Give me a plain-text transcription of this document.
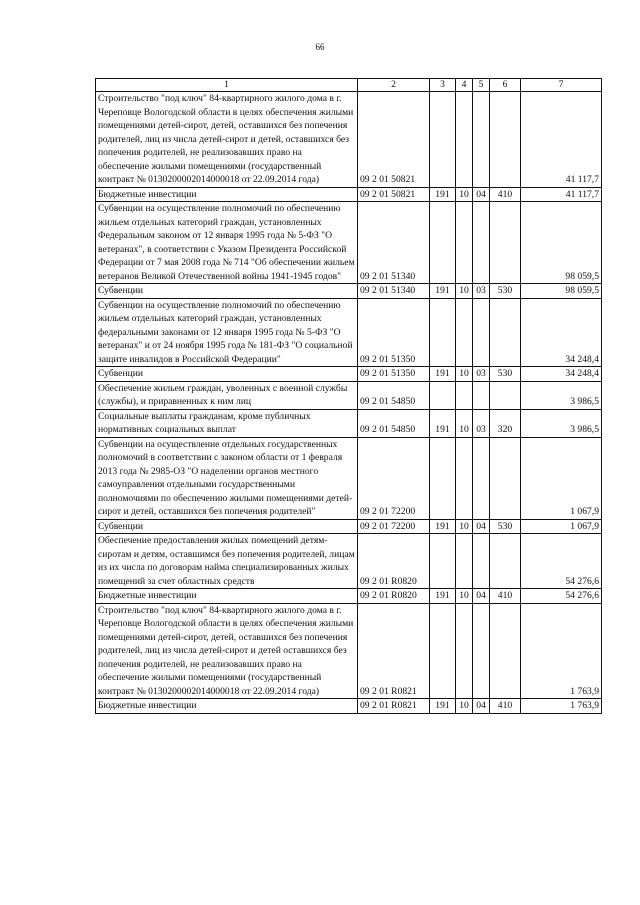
66
1	2	3	4	5	6	7
Строительство "под ключ" 84-квартирного жилого дома в г. Череповце Вологодской области в целях обеспечения жилыми помещениями детей-сирот, детей, оставшихся без попечения родителей, лиц из числа детей-сирот и детей, оставшихся без попечения родителей, не реализовавших право на обеспечение жилыми помещениями (государственный контракт № 0130200002014000018 от 22.09.2014 года)	09 2 01 50821					41 117,7
Бюджетные инвестиции	09 2 01 50821	191	10	04	410	41 117,7
Субвенции на осуществление полномочий по обеспечению жильем отдельных категорий граждан, установленных Федеральным законом от 12 января 1995 года № 5-ФЗ "О ветеранах", в соответствии с Указом Президента Российской Федерации от 7 мая 2008 года № 714 "Об обеспечении жильем ветеранов Великой Отечественной войны 1941-1945 годов"	09 2 01 51340					98 059,5
Субвенции	09 2 01 51340	191	10	03	530	98 059,5
Субвенции на осуществление полномочий по обеспечению жильем отдельных категорий граждан, установленных федеральными законами от 12 января 1995 года № 5-ФЗ "О ветеранах" и от 24 ноября 1995 года № 181-ФЗ "О социальной защите инвалидов в Российской Федерации"	09 2 01 51350					34 248,4
Субвенции	09 2 01 51350	191	10	03	530	34 248,4
Обеспечение жильем граждан, уволенных с военной службы (службы), и приравненных к ним лиц	09 2 01 54850					3 986,5
Социальные выплаты гражданам, кроме публичных нормативных социальных выплат	09 2 01 54850	191	10	03	320	3 986,5
Субвенции на осуществление отдельных государственных полномочий в соответствии с законом области от 1 февраля 2013 года № 2985-ОЗ "О наделении органов местного самоуправления отдельными государственными полномочиями по обеспечению жилыми помещениями детей-сирот и детей, оставшихся без попечения родителей"	09 2 01 72200					1 067,9
Субвенции	09 2 01 72200	191	10	04	530	1 067,9
Обеспечение предоставления жилых помещений детям-сиротам и детям, оставшимся без попечения родителей, лицам из их числа по договорам найма специализированных жилых помещений за счет областных средств	09 2 01 R0820					54 276,6
Бюджетные инвестиции	09 2 01 R0820	191	10	04	410	54 276,6
Строительство "под ключ" 84-квартирного жилого дома в г. Череповце Вологодской области в целях обеспечения жилыми помещениями детей-сирот, детей, оставшихся без попечения родителей, лиц из числа детей-сирот и детей оставшихся без попечения родителей, не реализовавших право на обеспечение жилыми помещениями (государственный контракт № 0130200002014000018 от 22.09.2014 года)	09 2 01 R0821					1 763,9
Бюджетные инвестиции	09 2 01 R0821	191	10	04	410	1 763,9
